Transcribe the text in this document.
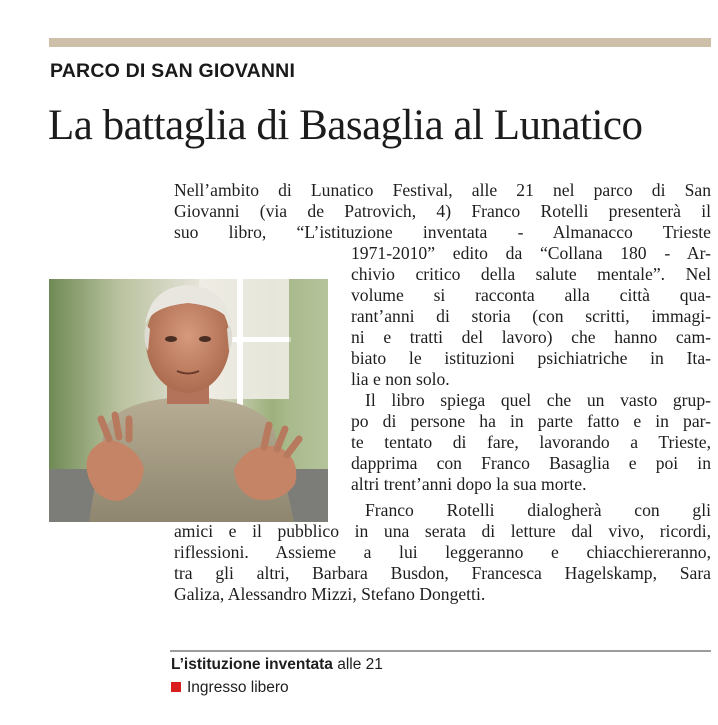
PARCO DI SAN GIOVANNI
La battaglia di Basaglia al Lunatico
Nell’ambito di Lunatico Festival, alle 21 nel parco di San
Giovanni (via de Patrovich, 4) Franco Rotelli presenterà il
suo libro, “L’istituzione inventata - Almanacco Trieste
1971-2010” edito da “Collana 180 - Ar-
chivio critico della salute mentale”. Nel
volume si racconta alla città qua-
rant’anni di storia (con scritti, immagi-
ni e tratti del lavoro) che hanno cam-
biato le istituzioni psichiatriche in Ita-
lia e non solo.
Il libro spiega quel che un vasto grup-
po di persone ha in parte fatto e in par-
te tentato di fare, lavorando a Trieste,
dapprima con Franco Basaglia e poi in
altri trent’anni dopo la sua morte.
Franco Rotelli dialogherà con gli
amici e il pubblico in una serata di letture dal vivo, ricordi,
riflessioni. Assieme a lui leggeranno e chiacchiereranno,
tra gli altri, Barbara Busdon, Francesca Hagelskamp, Sara
Galiza, Alessandro Mizzi, Stefano Dongetti.
L’istituzione inventata alle 21
Ingresso libero
